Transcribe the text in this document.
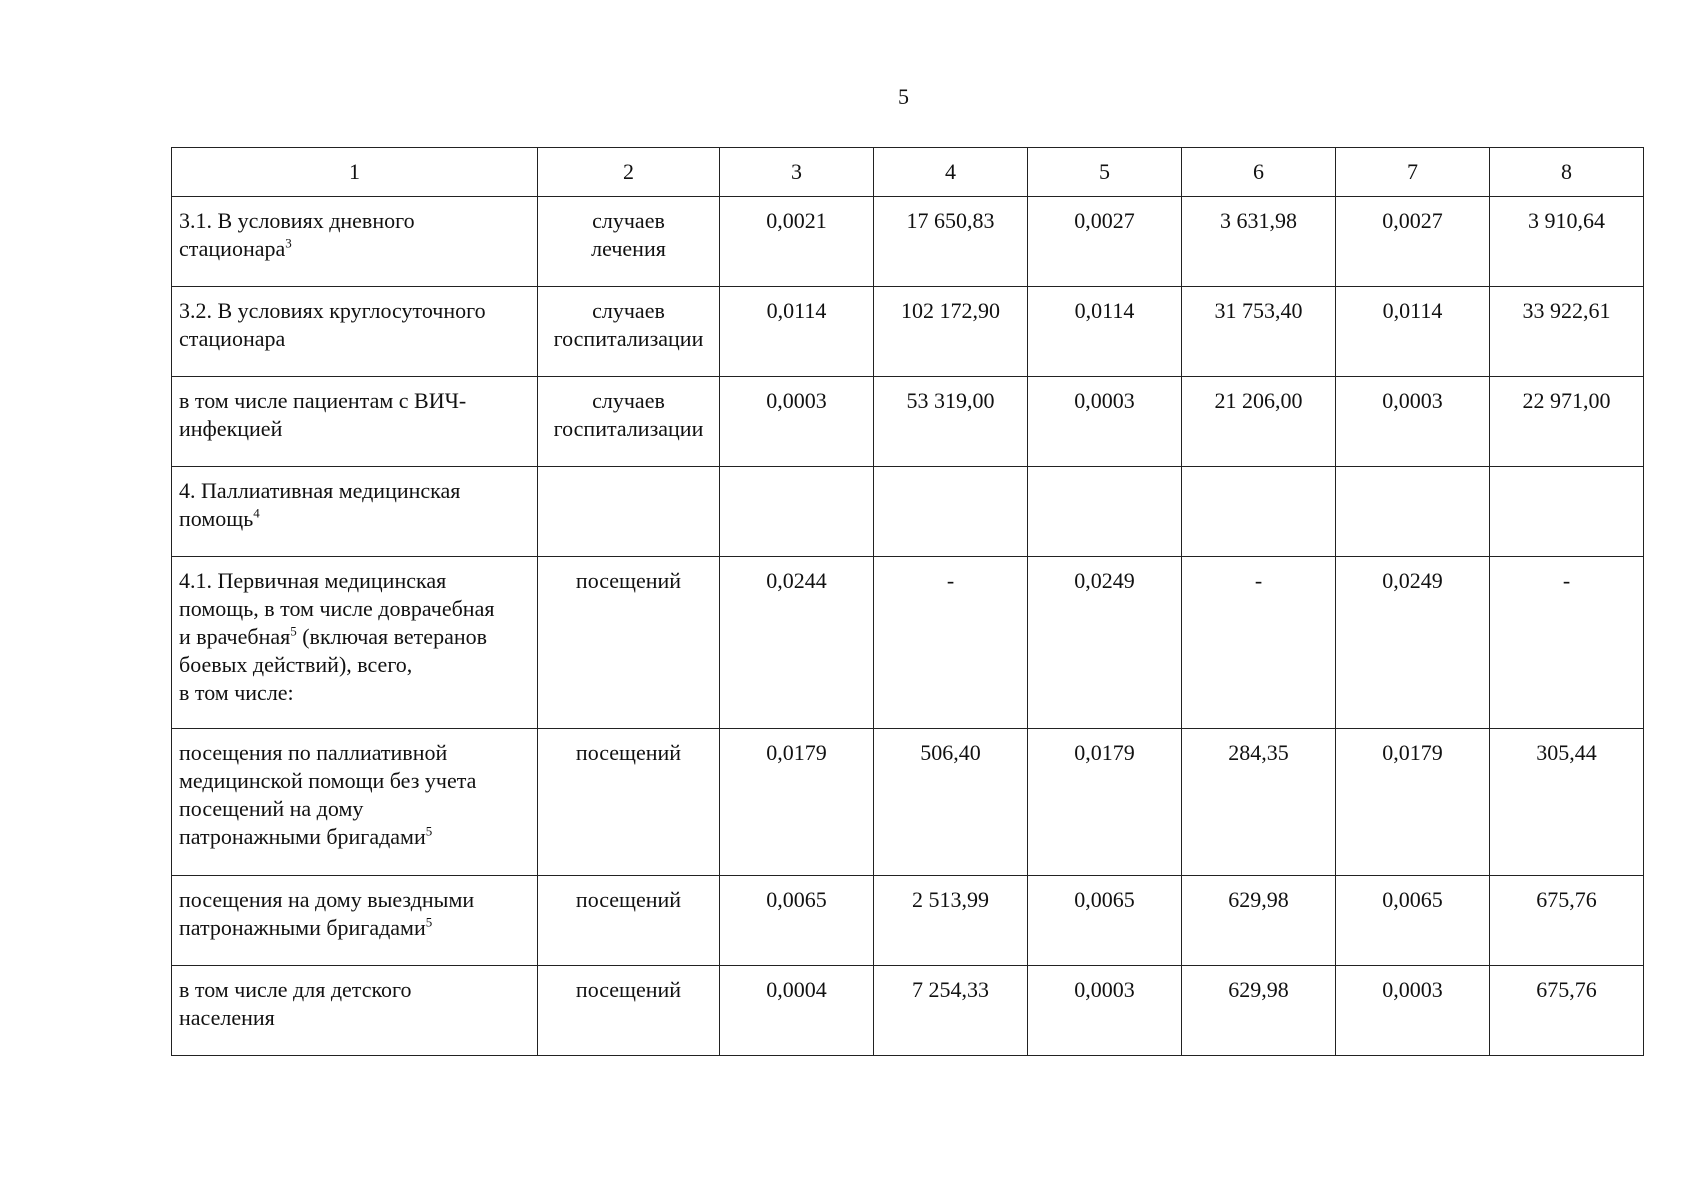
5
1	2	3	4	5	6	7	8

3.1. В условиях дневного
стационара$^3$	случаев
лечения	0,0021	17 650,83	0,0027	3 631,98	0,0027	3 910,64

3.2. В условиях круглосуточного
стационара	случаев
госпитализации	0,0114	102 172,90	0,0114	31 753,40	0,0114	33 922,61

в том числе пациентам с ВИЧ-
инфекцией	случаев
госпитализации	0,0003	53 319,00	0,0003	21 206,00	0,0003	22 971,00

4. Паллиативная медицинская
помощь$^4$

4.1. Первичная медицинская
помощь, в том числе доврачебная
и врачебная$^5$ (включая ветеранов
боевых действий), всего,
в том числе:	посещений	0,0244	-	0,0249	-	0,0249	-

посещения по паллиативной
медицинской помощи без учета
посещений на дому
патронажными бригадами$^5$	посещений	0,0179	506,40	0,0179	284,35	0,0179	305,44

посещения на дому выездными
патронажными бригадами$^5$	посещений	0,0065	2 513,99	0,0065	629,98	0,0065	675,76

в том числе для детского
населения	посещений	0,0004	7 254,33	0,0003	629,98	0,0003	675,76
